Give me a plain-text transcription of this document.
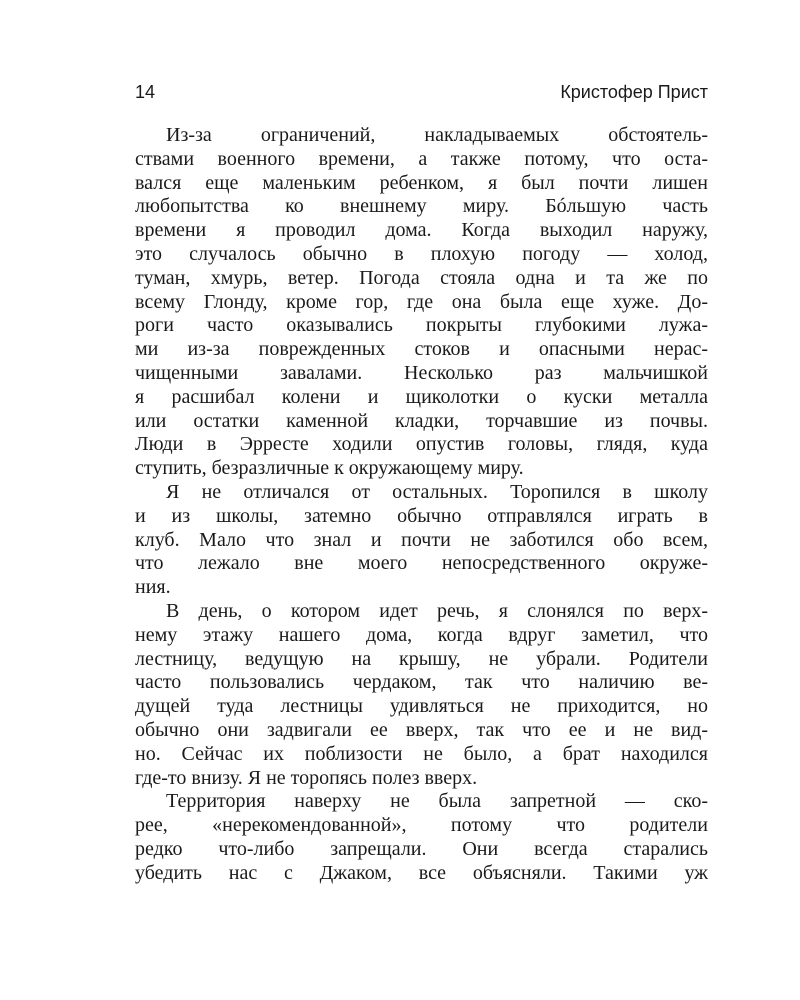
14	Кристофер Прист
Из-за ограничений, накладываемых обстоятель-
ствами военного времени, а также потому, что оста-
вался еще маленьким ребенком, я был почти лишен
любопытства ко внешнему миру. Бóльшую часть
времени я проводил дома. Когда выходил наружу,
это случалось обычно в плохую погоду — холод,
туман, хмурь, ветер. Погода стояла одна и та же по
всему Глонду, кроме гор, где она была еще хуже. До-
роги часто оказывались покрыты глубокими лужа-
ми из-за поврежденных стоков и опасными нерас-
чищенными завалами. Несколько раз мальчишкой
я расшибал колени и щиколотки о куски металла
или остатки каменной кладки, торчавшие из почвы.
Люди в Эрресте ходили опустив головы, глядя, куда
ступить, безразличные к окружающему миру.
Я не отличался от остальных. Торопился в школу
и из школы, затемно обычно отправлялся играть в
клуб. Мало что знал и почти не заботился обо всем,
что лежало вне моего непосредственного окруже-
ния.
В день, о котором идет речь, я слонялся по верх-
нему этажу нашего дома, когда вдруг заметил, что
лестницу, ведущую на крышу, не убрали. Родители
часто пользовались чердаком, так что наличию ве-
дущей туда лестницы удивляться не приходится, но
обычно они задвигали ее вверх, так что ее и не вид-
но. Сейчас их поблизости не было, а брат находился
где-то внизу. Я не торопясь полез вверх.
Территория наверху не была запретной — ско-
рее, «нерекомендованной», потому что родители
редко что-либо запрещали. Они всегда старались
убедить нас с Джаком, все объясняли. Такими уж
